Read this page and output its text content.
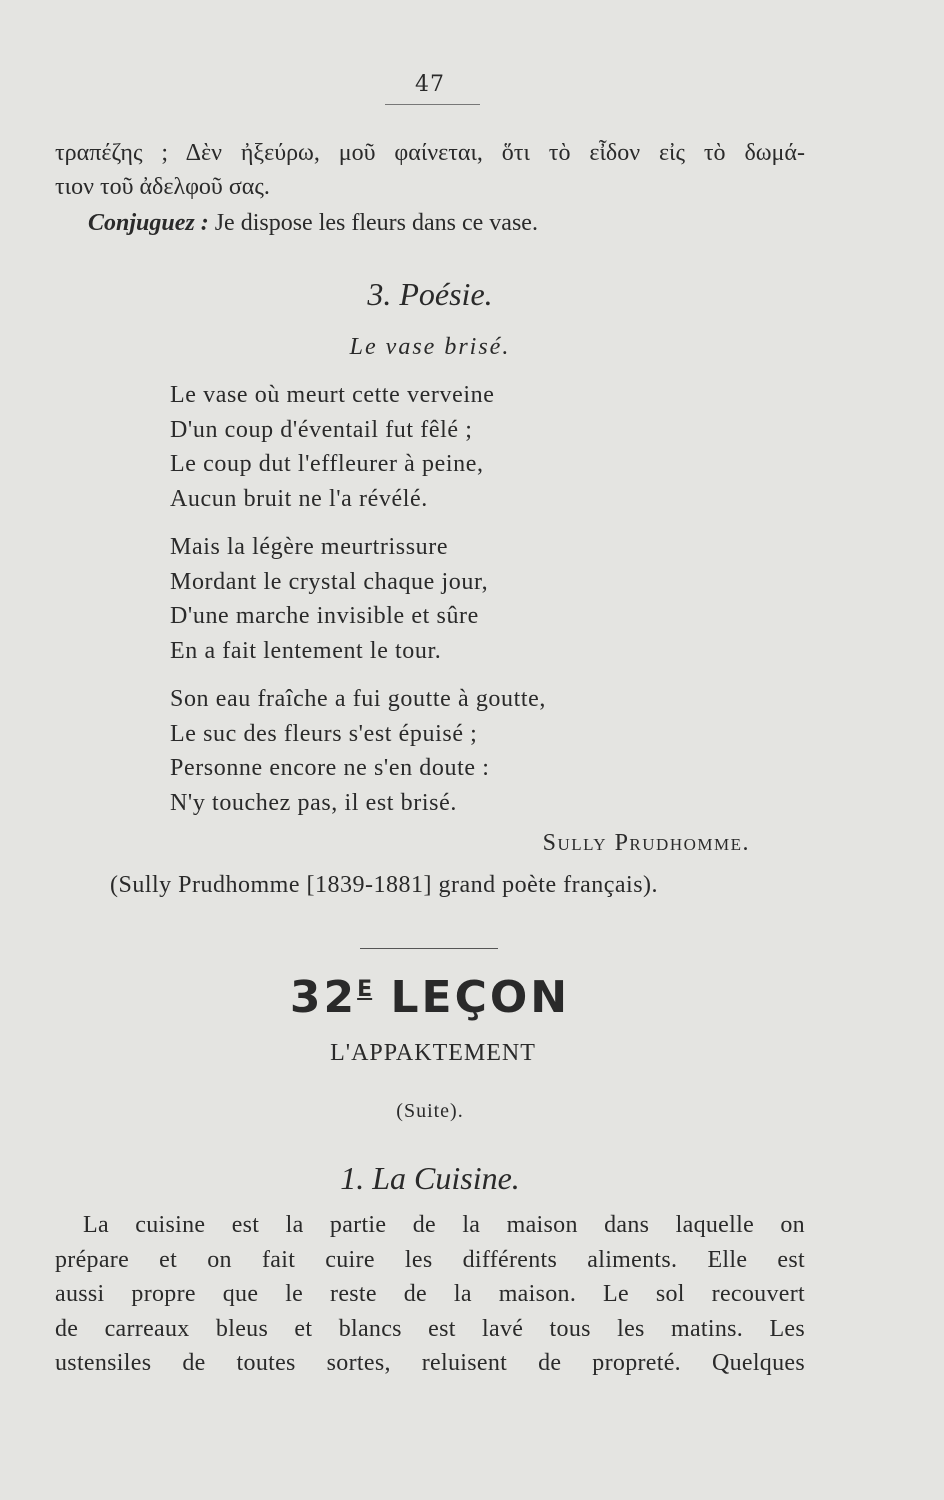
47

τραπέζης ; Δὲν ἠξεύρω, μοῦ φαίνεται, ὅτι τὸ εἶδον εἰς τὸ δωμά-

τιον τοῦ ἀδελφοῦ σας.

Conjuguez : Je dispose les fleurs dans ce vase.
3. Poésie.
Le vase brisé.
Le vase où meurt cette verveine
D'un coup d'éventail fut fêlé ;
Le coup dut l'effleurer à peine,
Aucun bruit ne l'a révélé.
Mais la légère meurtrissure
Mordant le crystal chaque jour,
D'une marche invisible et sûre
En a fait lentement le tour.
Son eau fraîche a fui goutte à goutte,
Le suc des fleurs s'est épuisé ;
Personne encore ne s'en doute :
N'y touchez pas, il est brisé.
Sully Prudhomme.
(Sully Prudhomme [1839-1881] grand poète français).
$32^E$ LEÇON
L'APPAKTEMENT
(Suite).
1. La Cuisine.
La cuisine est la partie de la maison dans laquelle on
prépare et on fait cuire les différents aliments. Elle est
aussi propre que le reste de la maison. Le sol recouvert
de carreaux bleus et blancs est lavé tous les matins. Les
ustensiles de toutes sortes, reluisent de propreté. Quelques
